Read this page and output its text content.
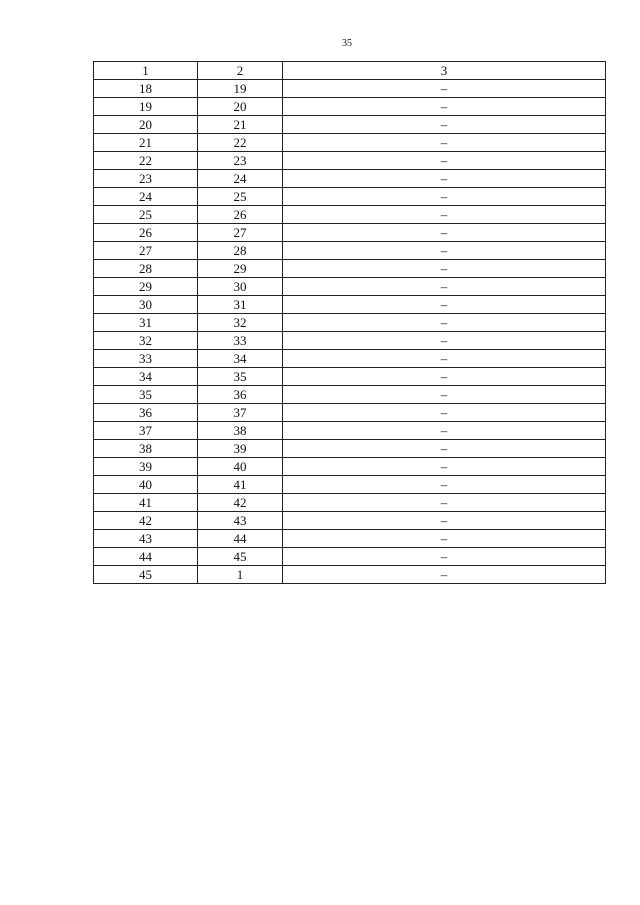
35
1	2	3
18	19	–
19	20	–
20	21	–
21	22	–
22	23	–
23	24	–
24	25	–
25	26	–
26	27	–
27	28	–
28	29	–
29	30	–
30	31	–
31	32	–
32	33	–
33	34	–
34	35	–
35	36	–
36	37	–
37	38	–
38	39	–
39	40	–
40	41	–
41	42	–
42	43	–
43	44	–
44	45	–
45	1	–
